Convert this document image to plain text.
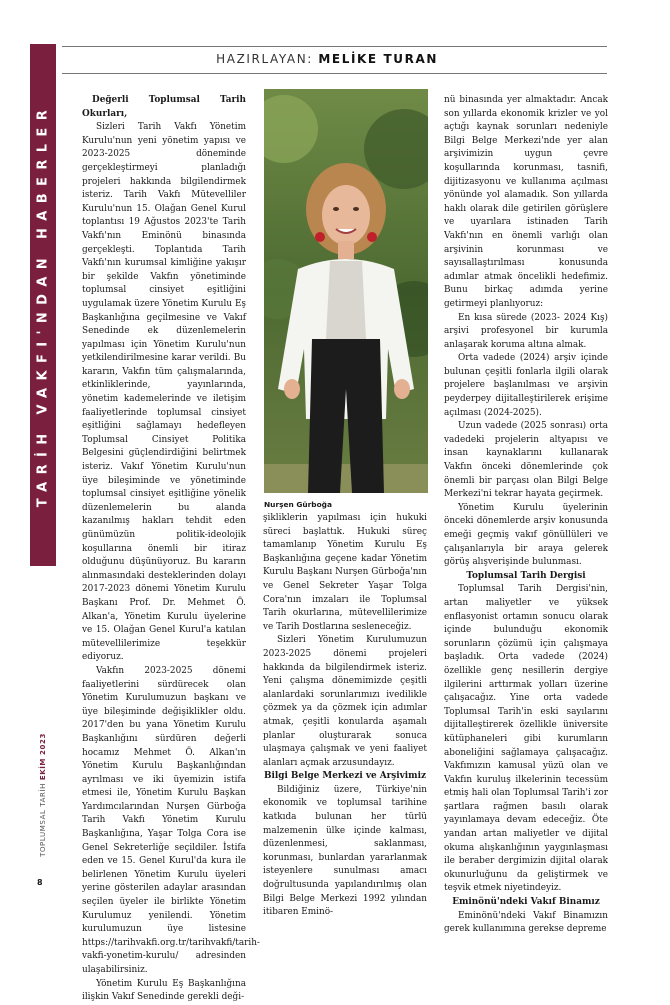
TARİH VAKFI'NDAN HABERLER
HAZIRLAYAN: MELİKE TURAN

Değerli Toplumsal Tarih Okurları,

Sizleri Tarih Vakfı Yönetim Kurulu'nun yeni yönetim yapısı ve 2023-2025 döneminde gerçekleştirmeyi planladığı projeleri hakkında bilgilendirmek isteriz. Tarih Vakfı Mütevelliler Kurulu'nun 15. Olağan Genel Kurul toplantısı 19 Ağustos 2023'te Tarih Vakfı'nın Eminönü binasında gerçekleşti. Toplantıda Tarih Vakfı'nın kurumsal kimliğine yakışır bir şekilde Vakfın yönetiminde toplumsal cinsiyet eşitliğini uygulamak üzere Yönetim Kurulu Eş Başkanlığına geçilmesine ve Vakıf Senedinde ek düzenlemelerin yapılması için Yönetim Kurulu'nun yetkilendirilmesine karar verildi. Bu kararın, Vakfın tüm çalışmalarında, etkinliklerinde, yayınlarında, yönetim kademelerinde ve iletişim faaliyetlerinde toplumsal cinsiyet eşitliğini sağlamayı hedefleyen Toplumsal Cinsiyet Politika Belgesini güçlendirdiğini belirtmek isteriz. Vakıf Yönetim Kurulu'nun üye bileşiminde ve yönetiminde toplumsal cinsiyet eşitliğine yönelik düzenlemelerin bu alanda kazanılmış hakları tehdit eden günümüzün politik-ideolojik koşullarına önemli bir itiraz olduğunu düşünüyoruz. Bu kararın alınmasındaki desteklerinden dolayı 2017-2023 dönemi Yönetim Kurulu Başkanı Prof. Dr. Mehmet Ö. Alkan'a, Yönetim Kurulu üyelerine ve 15. Olağan Genel Kurul'a katılan mütevellilerimize teşekkür ediyoruz.

Vakfın 2023-2025 dönemi faaliyetlerini sürdürecek olan Yönetim Kurulumuzun başkanı ve üye bileşiminde değişiklikler oldu. 2017'den bu yana Yönetim Kurulu Başkanlığını sürdüren değerli hocamız Mehmet Ö. Alkan'ın Yönetim Kurulu Başkanlığından ayrılması ve iki üyemizin istifa etmesi ile, Yönetim Kurulu Başkan Yardımcılarından Nurşen Gürboğa Tarih Vakfı Yönetim Kurulu Başkanlığına, Yaşar Tolga Cora ise Genel Sekreterliğe seçildiler. İstifa eden ve 15. Genel Kurul'da kura ile belirlenen Yönetim Kurulu üyeleri yerine gösterilen adaylar arasından seçilen üyeler ile birlikte Yönetim Kurulumuz yenilendi. Yönetim kurulumuzun üye listesine https://tarihvakfi.org.tr/tarihvakfi/tarih-vakfi-yonetim-kurulu/ adresinden ulaşabilirsiniz.

Yönetim Kurulu Eş Başkanlığına ilişkin Vakıf Senedinde gerekli deği-

Nurşen Gürboğa

şikliklerin yapılması için hukuki süreci başlattık. Hukuki süreç tamamlanıp Yönetim Kurulu Eş Başkanlığına geçene kadar Yönetim Kurulu Başkanı Nurşen Gürboğa'nın ve Genel Sekreter Yaşar Tolga Cora'nın imzaları ile Toplumsal Tarih okurlarına, mütevellilerimize ve Tarih Dostlarına sesleneceğiz.

Sizleri Yönetim Kurulumuzun 2023-2025 dönemi projeleri hakkında da bilgilendirmek isteriz. Yeni çalışma dönemimizde çeşitli alanlardaki sorunlarımızı ivedilikle çözmek ya da çözmek için adımlar atmak, çeşitli konularda aşamalı planlar oluşturarak sonuca ulaşmaya çalışmak ve yeni faaliyet alanları açmak arzusundayız.

Bilgi Belge Merkezi ve Arşivimiz

Bildiğiniz üzere, Türkiye'nin ekonomik ve toplumsal tarihine katkıda bulunan her türlü malzemenin ülke içinde kalması, düzenlenmesi, saklanması, korunması, bunlardan yararlanmak isteyenlere sunulması amacı doğrultusunda yapılandırılmış olan Bilgi Belge Merkezi 1992 yılından itibaren Eminö-

nü binasında yer almaktadır. Ancak son yıllarda ekonomik krizler ve yol açtığı kaynak sorunları nedeniyle Bilgi Belge Merkezi'nde yer alan arşivimizin uygun çevre koşullarında korunması, tasnifi, dijitizasyonu ve kullanıma açılması yönünde yol alamadık. Son yıllarda haklı olarak dile getirilen görüşlere ve uyarılara istinaden Tarih Vakfı'nın en önemli varlığı olan arşivinin korunması ve sayısallaştırılması konusunda adımlar atmak öncelikli hedefimiz. Bunu birkaç adımda yerine getirmeyi planlıyoruz:

En kısa sürede (2023- 2024 Kış) arşivi profesyonel bir kurumla anlaşarak koruma altına almak.

Orta vadede (2024) arşiv içinde bulunan çeşitli fonlarla ilgili olarak projelere başlanılması ve arşivin peyderpey dijitalleştirilerek erişime açılması (2024-2025).

Uzun vadede (2025 sonrası) orta vadedeki projelerin altyapısı ve insan kaynaklarını kullanarak Vakfın önceki dönemlerinde çok önemli bir parçası olan Bilgi Belge Merkezi'ni tekrar hayata geçirmek.

Yönetim Kurulu üyelerinin önceki dönemlerde arşiv konusunda emeği geçmiş vakıf gönüllüleri ve çalışanlarıyla bir araya gelerek görüş alışverişinde bulunması.

Toplumsal Tarih Dergisi

Toplumsal Tarih Dergisi'nin, artan maliyetler ve yüksek enflasyonist ortamın sonucu olarak içinde bulunduğu ekonomik sorunların çözümü için çalışmaya başladık. Orta vadede (2024) özellikle genç nesillerin dergiye ilgilerini arttırmak yolları üzerine çalışacağız. Yine orta vadede Toplumsal Tarih'in eski sayılarını dijitalleştirerek özellikle üniversite kütüphaneleri gibi kurumların aboneliğini sağlamaya çalışacağız. Vakfımızın kamusal yüzü olan ve Vakfın kuruluş ilkelerinin tecessüm etmiş hali olan Toplumsal Tarih'i zor şartlara rağmen basılı olarak yayınlamaya devam edeceğiz. Öte yandan artan maliyetler ve dijital okuma alışkanlığının yaygınlaşması ile beraber dergimizin dijital olarak okunurluğunu da geliştirmek ve teşvik etmek niyetindeyiz.

Eminönü'ndeki Vakıf Binamız

Eminönü'ndeki Vakıf Binamızın gerek kullanımına gerekse depreme

TOPLUMSAL TARİH EKİM 2023
8
